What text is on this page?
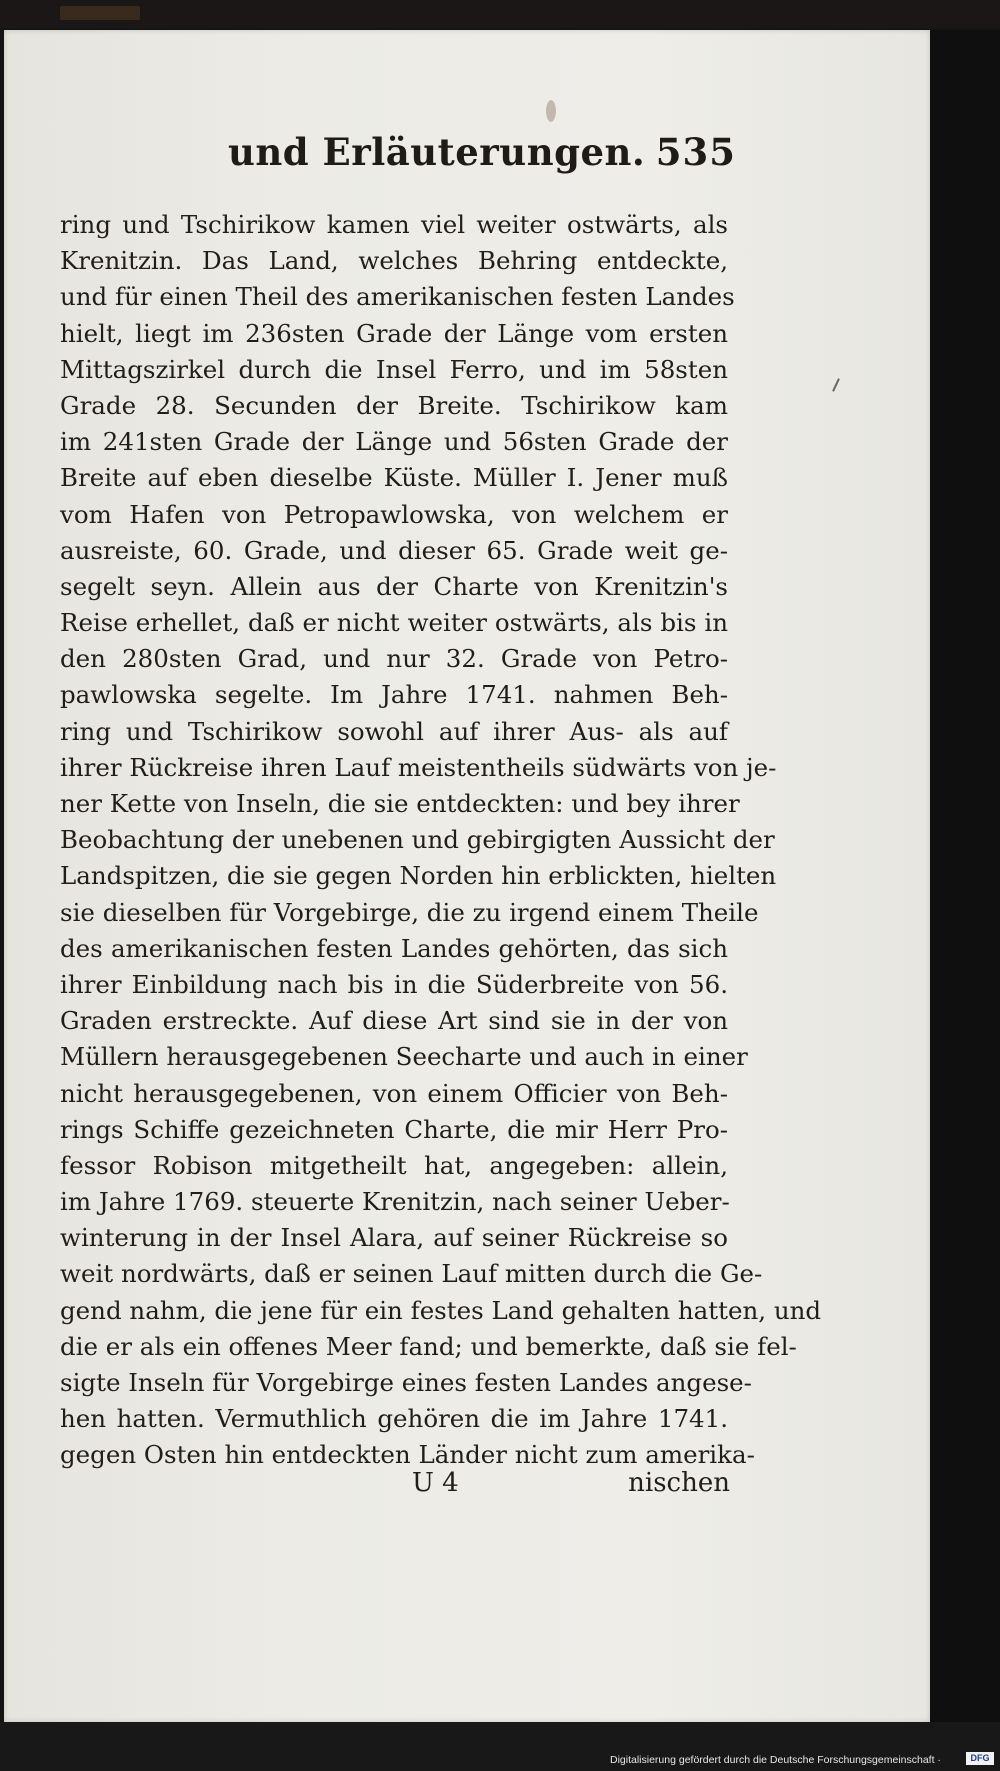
und Erläuterungen. 535
ring und Tschirikow kamen viel weiter ostwärts, als
Krenitzin. Das Land, welches Behring entdeckte,
und für einen Theil des amerikanischen festen Landes
hielt, liegt im 236sten Grade der Länge vom ersten
Mittagszirkel durch die Insel Ferro, und im 58sten
Grade 28. Secunden der Breite. Tschirikow kam
im 241sten Grade der Länge und 56sten Grade der
Breite auf eben dieselbe Küste. Müller I. Jener muß
vom Hafen von Petropawlowska, von welchem er
ausreiste, 60. Grade, und dieser 65. Grade weit ge-
segelt seyn. Allein aus der Charte von Krenitzin's
Reise erhellet, daß er nicht weiter ostwärts, als bis in
den 280sten Grad, und nur 32. Grade von Petro-
pawlowska segelte. Im Jahre 1741. nahmen Beh-
ring und Tschirikow sowohl auf ihrer Aus- als auf
ihrer Rückreise ihren Lauf meistentheils südwärts von je-
ner Kette von Inseln, die sie entdeckten: und bey ihrer
Beobachtung der unebenen und gebirgigten Aussicht der
Landspitzen, die sie gegen Norden hin erblickten, hielten
sie dieselben für Vorgebirge, die zu irgend einem Theile
des amerikanischen festen Landes gehörten, das sich
ihrer Einbildung nach bis in die Süderbreite von 56.
Graden erstreckte. Auf diese Art sind sie in der von
Müllern herausgegebenen Seecharte und auch in einer
nicht herausgegebenen, von einem Officier von Beh-
rings Schiffe gezeichneten Charte, die mir Herr Pro-
fessor Robison mitgetheilt hat, angegeben: allein,
im Jahre 1769. steuerte Krenitzin, nach seiner Ueber-
winterung in der Insel Alara, auf seiner Rückreise so
weit nordwärts, daß er seinen Lauf mitten durch die Ge-
gend nahm, die jene für ein festes Land gehalten hatten, und
die er als ein offenes Meer fand; und bemerkte, daß sie fel-
sigte Inseln für Vorgebirge eines festen Landes angese-
hen hatten. Vermuthlich gehören die im Jahre 1741.
gegen Osten hin entdeckten Länder nicht zum amerika-
U 4	nischen
Digitalisierung gefördert durch die Deutsche Forschungsgemeinschaft ·	DFG
